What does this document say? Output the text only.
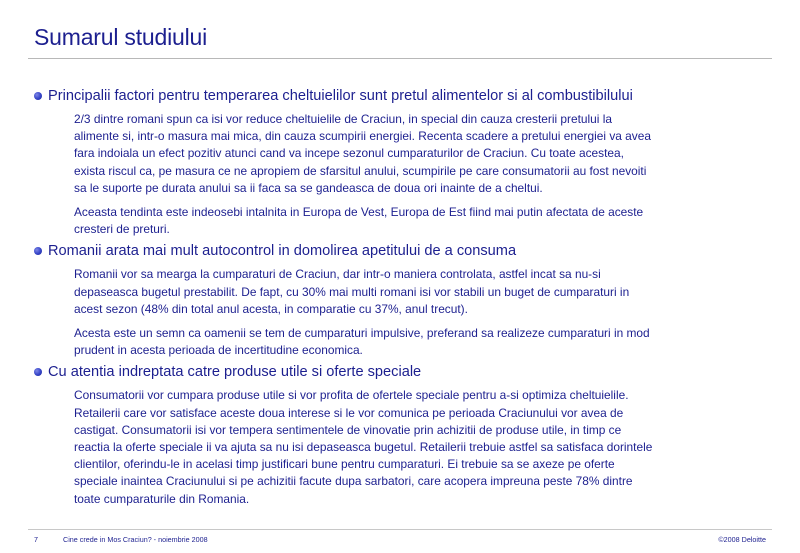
Sumarul studiului
Principalii factori pentru temperarea cheltuielilor sunt pretul alimentelor si al combustibilului
2/3 dintre romani spun ca isi vor reduce cheltuielile de Craciun, in special din cauza cresterii pretului la
alimente si, intr-o masura mai mica, din cauza scumpirii energiei. Recenta scadere a pretului energiei va avea
fara indoiala un efect pozitiv atunci cand va incepe sezonul cumparaturilor de Craciun. Cu toate acestea,
exista riscul ca, pe masura ce ne apropiem de sfarsitul anului, scumpirile pe care consumatorii au fost nevoiti
sa le suporte pe durata anului sa ii faca sa se gandeasca de doua ori inainte de a cheltui.
Aceasta tendinta este indeosebi intalnita in Europa de Vest, Europa de Est fiind mai putin afectata de aceste
cresteri de preturi.
Romanii arata mai mult autocontrol in domolirea apetitului de a consuma
Romanii vor sa mearga la cumparaturi de Craciun, dar intr-o maniera controlata, astfel incat sa nu-si
depaseasca bugetul prestabilit. De fapt, cu 30% mai multi romani isi vor stabili un buget de cumparaturi in
acest sezon (48% din total anul acesta, in comparatie cu 37%, anul trecut).
Acesta este un semn ca oamenii se tem de cumparaturi impulsive, preferand sa realizeze cumparaturi in mod
prudent in acesta perioada de incertitudine economica.
Cu atentia indreptata catre produse utile si oferte speciale
Consumatorii vor cumpara produse utile si vor profita de ofertele speciale pentru a-si optimiza cheltuielile.
Retailerii care vor satisface aceste doua interese si le vor comunica pe perioada Craciunului vor avea de
castigat. Consumatorii isi vor tempera sentimentele de vinovatie prin achizitii de produse utile, in timp ce
reactia la oferte speciale ii va ajuta sa nu isi depaseasca bugetul. Retailerii trebuie astfel sa satisfaca dorintele
clientilor, oferindu-le in acelasi timp justificari bune pentru cumparaturi. Ei trebuie sa se axeze pe oferte
speciale inaintea Craciunului si pe achizitii facute dupa sarbatori, care acopera impreuna peste 78% dintre
toate cumparaturile din Romania.
7	Cine crede in Mos Craciun? - noiembrie 2008	©2008 Deloitte
